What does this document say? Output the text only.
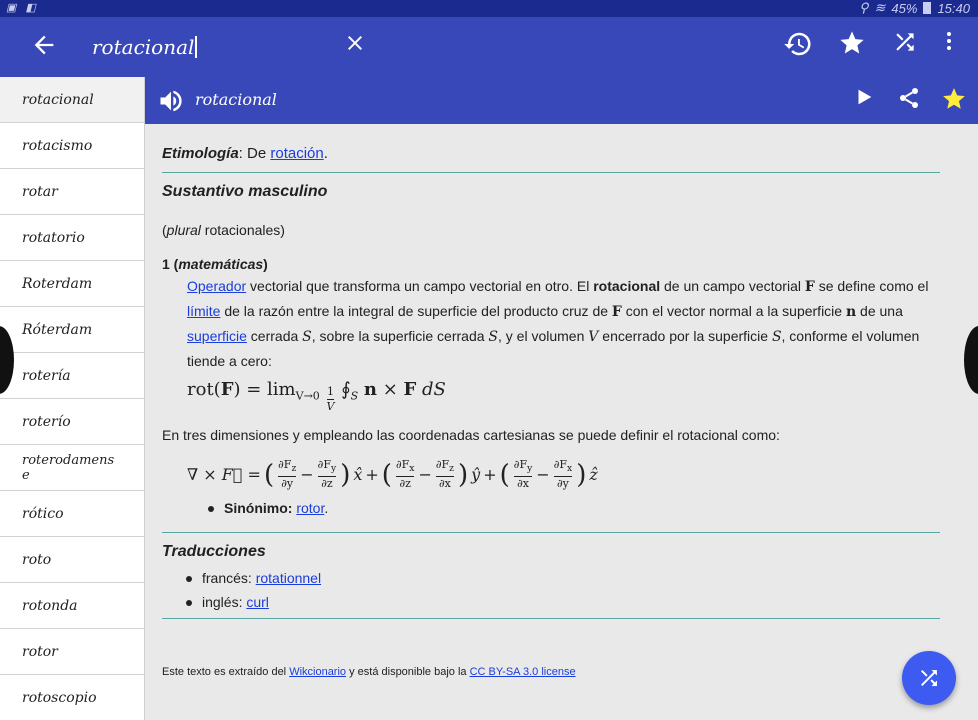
▣ ◧	⚲ ≋ 45% 15:40
rotacional
rotacional
rotacismo
rotar
rotatorio
Roterdam
Róterdam
rotería
roterío
roterodamense
rótico
roto
rotonda
rotor
rotoscopio
rotacional
Etimología: De rotación.
Sustantivo masculino
(plural rotacionales)
1 (matemáticas)
Operador vectorial que transforma un campo vectorial en otro. El rotacional de un campo vectorial F se define como el límite de la razón entre la integral de superficie del producto cruz de F con el vector normal a la superficie n de una superficie cerrada S, sobre la superficie cerrada S, y el volumen V encerrado por la superficie S, conforme el volumen tiende a cero:
$rot(F) = \lim_{V\to 0} \frac{1}{V}$ $∮_S$ n × F dS
En tres dimensiones y empleando las coordenadas cartesianas se puede definir el rotacional como:
∇ × F⃗ = ( $\frac{\partial F_z}{\partial y} - \frac{\partial F_y}{\partial z}$ ) x̂ + ( $\frac{\partial F_x}{\partial z} - \frac{\partial F_z}{\partial x}$ ) ŷ + ( $\frac{\partial F_y}{\partial x} - \frac{\partial F_x}{\partial y}$ ) ẑ
Sinónimo: rotor.
Traducciones
francés: rotationnel
inglés: curl
Este texto es extraído del Wikcionario y está disponible bajo la CC BY-SA 3.0 license
